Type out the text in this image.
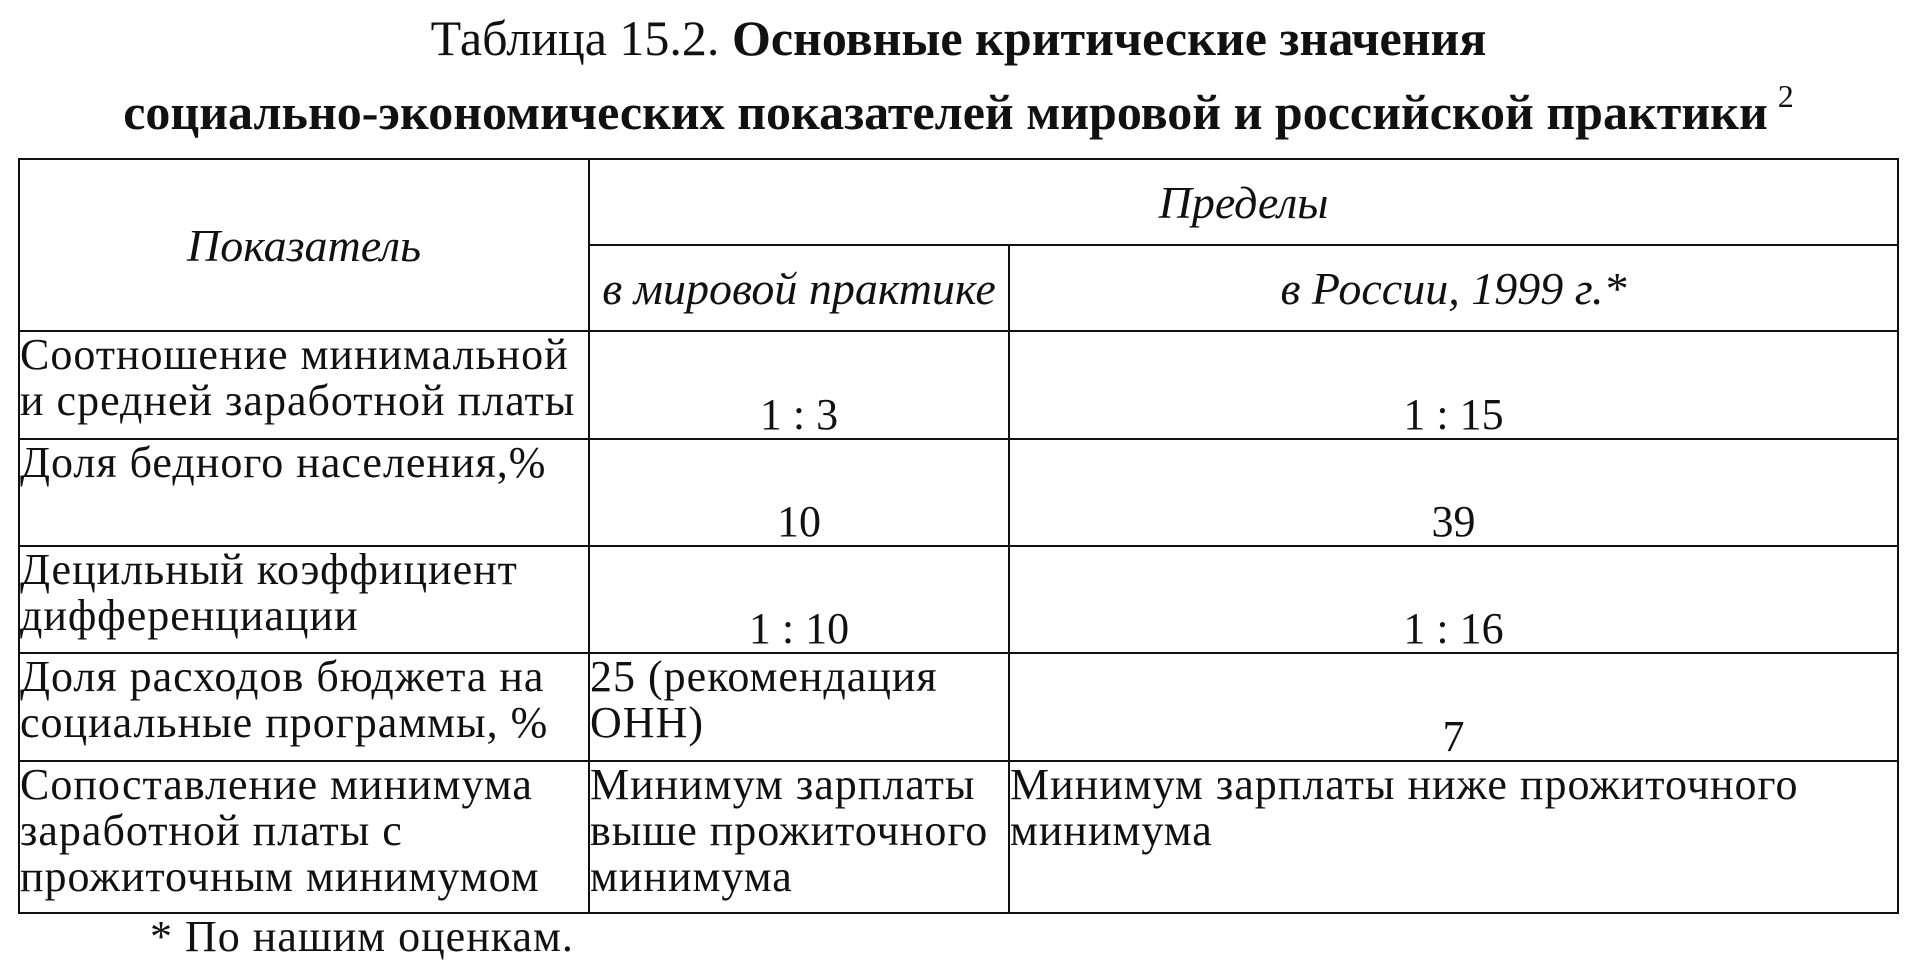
Таблица 15.2. Основные критические значения
социально-экономических показателей мировой и российской практики $^2$
Показатель	Пределы	
	в мировой практике	в России, 1999 г.*
Соотношение минимальной и средней заработной платы	1 : 3	1 : 15
Доля бедного населения,%	10	39
Децильный коэффициент дифференциации	1 : 10	1 : 16
Доля расходов бюджета на социальные программы, %	25 (рекомендация ОНН)	7
Сопоставление минимума заработной платы с прожиточным минимумом	Минимум зарплаты выше прожиточного минимума	Минимум зарплаты ниже прожиточного минимума
* По нашим оценкам.
